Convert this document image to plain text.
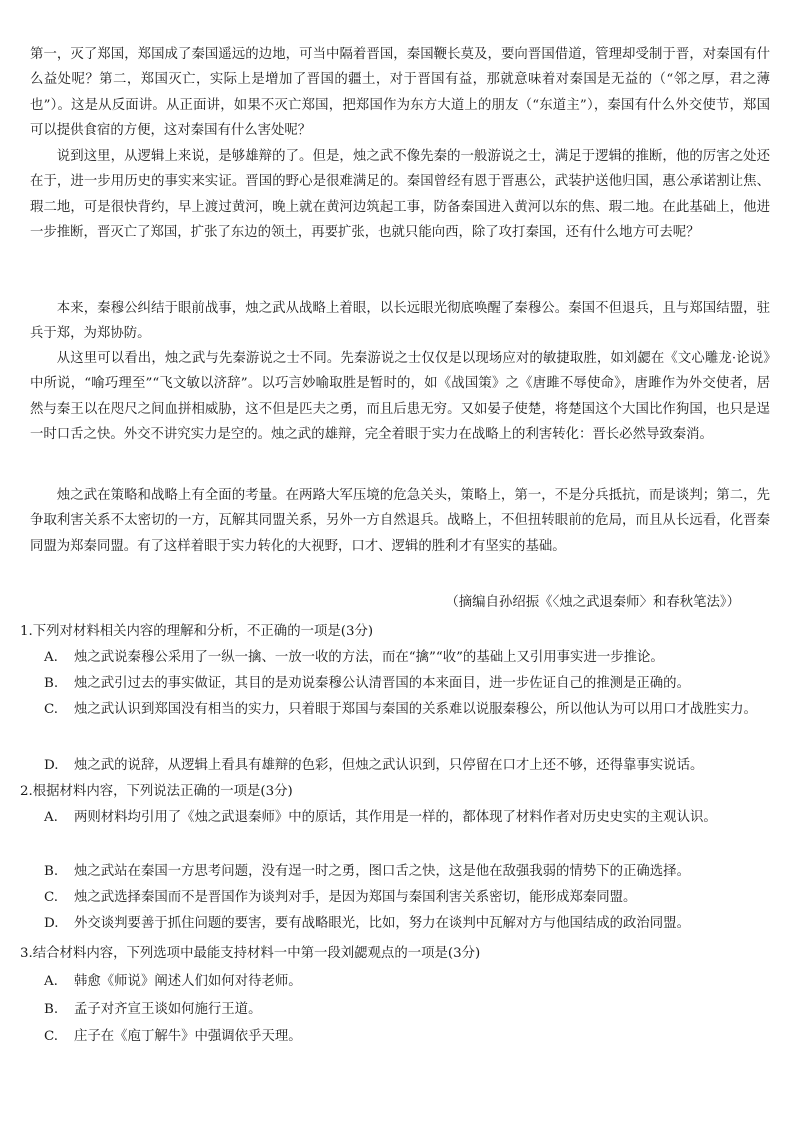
第一，灭了郑国，郑国成了秦国遥远的边地，可当中隔着晋国，秦国鞭长莫及，要向晋国借道，管理却受制于晋，对秦国有什么益处呢？第二，郑国灭亡，实际上是增加了晋国的疆土，对于晋国有益，那就意味着对秦国是无益的（“邻之厚，君之薄也”）。这是从反面讲。从正面讲，如果不灭亡郑国，把郑国作为东方大道上的朋友（“东道主”），秦国有什么外交使节，郑国可以提供食宿的方便，这对秦国有什么害处呢？

说到这里，从逻辑上来说，是够雄辩的了。但是，烛之武不像先秦的一般游说之士，满足于逻辑的推断，他的厉害之处还在于，进一步用历史的事实来实证。晋国的野心是很难满足的。秦国曾经有恩于晋惠公，武装护送他归国，惠公承诺割让焦、瑕二地，可是很快背约，早上渡过黄河，晚上就在黄河边筑起工事，防备秦国进入黄河以东的焦、瑕二地。在此基础上，他进一步推断，晋灭亡了郑国，扩张了东边的领土，再要扩张，也就只能向西，除了攻打秦国，还有什么地方可去呢？

本来，秦穆公纠结于眼前战事，烛之武从战略上着眼，以长远眼光彻底唤醒了秦穆公。秦国不但退兵，且与郑国结盟，驻兵于郑，为郑协防。

从这里可以看出，烛之武与先秦游说之士不同。先秦游说之士仅仅是以现场应对的敏捷取胜，如刘勰在《文心雕龙·论说》中所说，“喻巧理至”“飞文敏以济辞”。以巧言妙喻取胜是暂时的，如《战国策》之《唐雎不辱使命》，唐雎作为外交使者，居然与秦王以在咫尺之间血拼相威胁，这不但是匹夫之勇，而且后患无穷。又如晏子使楚，将楚国这个大国比作狗国，也只是逞一时口舌之快。外交不讲究实力是空的。烛之武的雄辩，完全着眼于实力在战略上的利害转化：晋长必然导致秦消。

烛之武在策略和战略上有全面的考量。在两路大军压境的危急关头，策略上，第一，不是分兵抵抗，而是谈判；第二，先争取利害关系不太密切的一方，瓦解其同盟关系，另外一方自然退兵。战略上，不但扭转眼前的危局，而且从长远看，化晋秦同盟为郑秦同盟。有了这样着眼于实力转化的大视野，口才、逻辑的胜利才有坚实的基础。

（摘编自孙绍振《〈烛之武退秦师〉和春秋笔法》）

1.下列对材料相关内容的理解和分析，不正确的一项是(3分)

A. 烛之武说秦穆公采用了一纵一擒、一放一收的方法，而在“擒”“收”的基础上又引用事实进一步推论。

B. 烛之武引过去的事实做证，其目的是劝说秦穆公认清晋国的本来面目，进一步佐证自己的推测是正确的。

C. 烛之武认识到郑国没有相当的实力，只着眼于郑国与秦国的关系难以说服秦穆公，所以他认为可以用口才战胜实力。

D. 烛之武的说辞，从逻辑上看具有雄辩的色彩，但烛之武认识到，只停留在口才上还不够，还得靠事实说话。

2.根据材料内容，下列说法正确的一项是(3分)

A. 两则材料均引用了《烛之武退秦师》中的原话，其作用是一样的，都体现了材料作者对历史史实的主观认识。

B. 烛之武站在秦国一方思考问题，没有逞一时之勇，图口舌之快，这是他在敌强我弱的情势下的正确选择。

C. 烛之武选择秦国而不是晋国作为谈判对手，是因为郑国与秦国利害关系密切，能形成郑秦同盟。

D. 外交谈判要善于抓住问题的要害，要有战略眼光，比如，努力在谈判中瓦解对方与他国结成的政治同盟。

3.结合材料内容，下列选项中最能支持材料一中第一段刘勰观点的一项是(3分)

A. 韩愈《师说》阐述人们如何对待老师。

B. 孟子对齐宣王谈如何施行王道。

C. 庄子在《庖丁解牛》中强调依乎天理。
